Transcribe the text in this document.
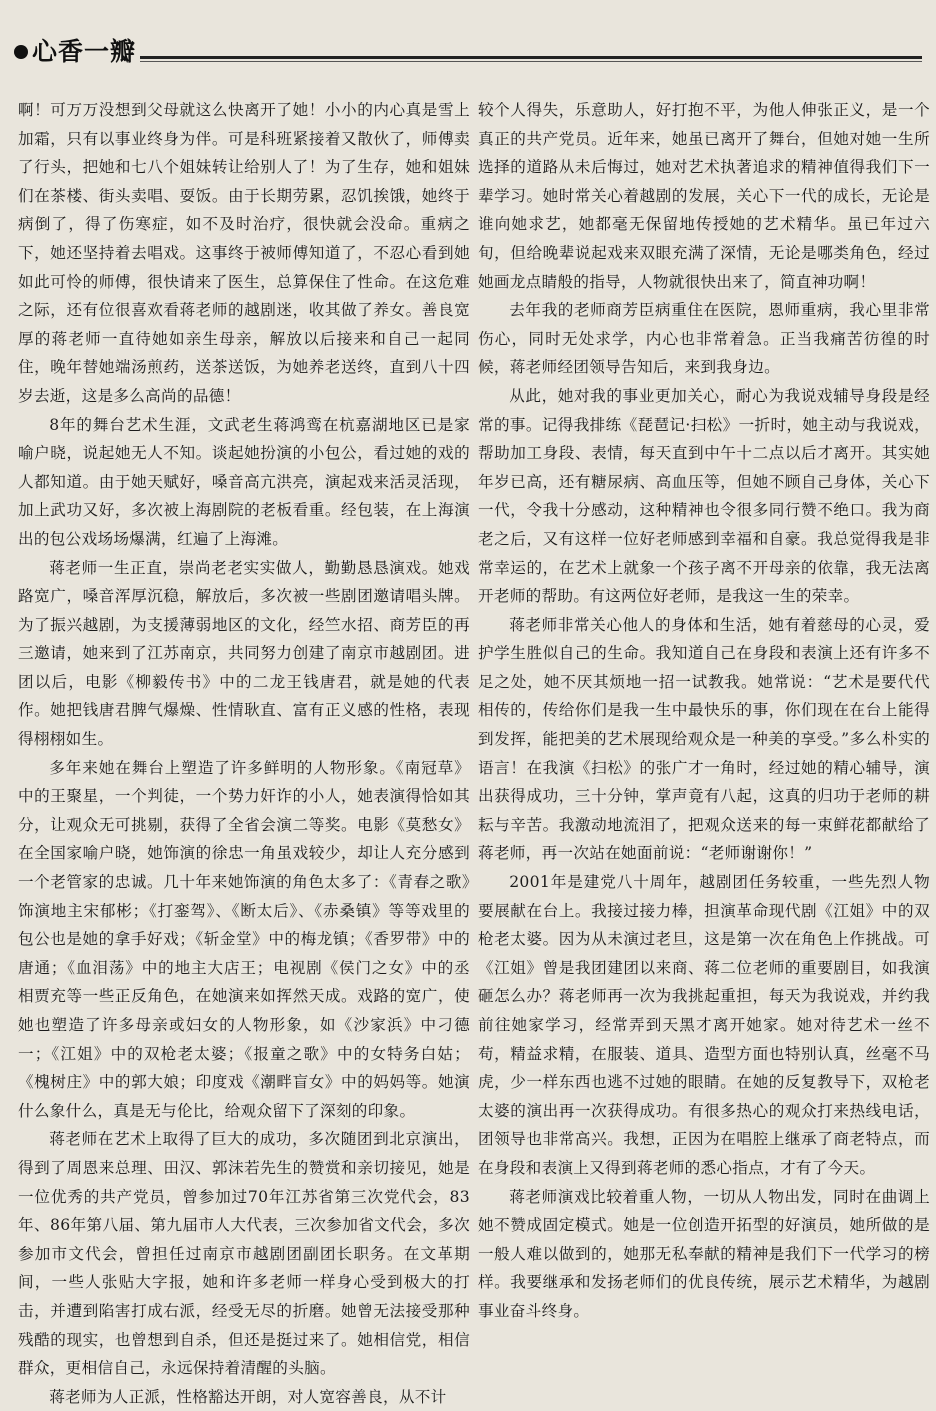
心香一瓣

啊！可万万没想到父母就这么快离开了她！小小的内心真是雪上加霜，只有以事业终身为伴。可是科班紧接着又散伙了，师傅卖了行头，把她和七八个姐妹转让给别人了！为了生存，她和姐妹们在茶楼、街头卖唱、耍饭。由于长期劳累，忍饥挨饿，她终于病倒了，得了伤寒症，如不及时治疗，很快就会没命。重病之下，她还坚持着去唱戏。这事终于被师傅知道了，不忍心看到她如此可怜的师傅，很快请来了医生，总算保住了性命。在这危难之际，还有位很喜欢看蒋老师的越剧迷，收其做了养女。善良宽厚的蒋老师一直待她如亲生母亲，解放以后接来和自己一起同住，晚年替她端汤煎药，送茶送饭，为她养老送终，直到八十四岁去逝，这是多么高尚的品德！

8年的舞台艺术生涯，文武老生蒋鸿鸾在杭嘉湖地区已是家喻户晓，说起她无人不知。谈起她扮演的小包公，看过她的戏的人都知道。由于她天赋好，嗓音高亢洪亮，演起戏来活灵活现，加上武功又好，多次被上海剧院的老板看重。经包装，在上海演出的包公戏场场爆满，红遍了上海滩。

蒋老师一生正直，崇尚老老实实做人，勤勤恳恳演戏。她戏路宽广，嗓音浑厚沉稳，解放后，多次被一些剧团邀请唱头牌。为了振兴越剧，为支援薄弱地区的文化，经竺水招、商芳臣的再三邀请，她来到了江苏南京，共同努力创建了南京市越剧团。进团以后，电影《柳毅传书》中的二龙王钱唐君，就是她的代表作。她把钱唐君脾气爆燥、性情耿直、富有正义感的性格，表现得栩栩如生。

多年来她在舞台上塑造了许多鲜明的人物形象。《南冠草》中的王聚星，一个判徒，一个势力奸诈的小人，她表演得恰如其分，让观众无可挑剔，获得了全省会演二等奖。电影《莫愁女》在全国家喻户晓，她饰演的徐忠一角虽戏较少，却让人充分感到一个老管家的忠诚。几十年来她饰演的角色太多了：《青春之歌》饰演地主宋郁彬；《打銮驾》、《断太后》、《赤桑镇》等等戏里的包公也是她的拿手好戏；《斩金堂》中的梅龙镇；《香罗带》中的唐通；《血泪荡》中的地主大店王；电视剧《侯门之女》中的丞相贾充等一些正反角色，在她演来如挥然天成。戏路的宽广，使她也塑造了许多母亲或妇女的人物形象，如《沙家浜》中刁德一；《江姐》中的双枪老太婆；《报童之歌》中的女特务白姑；《槐树庄》中的郭大娘；印度戏《潮畔盲女》中的妈妈等。她演什么象什么，真是无与伦比，给观众留下了深刻的印象。

蒋老师在艺术上取得了巨大的成功，多次随团到北京演出，得到了周恩来总理、田汉、郭沫若先生的赞赏和亲切接见，她是一位优秀的共产党员，曾参加过70年江苏省第三次党代会，83年、86年第八届、第九届市人大代表，三次参加省文代会，多次参加市文代会，曾担任过南京市越剧团副团长职务。在文革期间，一些人张贴大字报，她和许多老师一样身心受到极大的打击，并遭到陷害打成右派，经受无尽的折磨。她曾无法接受那种残酷的现实，也曾想到自杀，但还是挺过来了。她相信党，相信群众，更相信自己，永远保持着清醒的头脑。

蒋老师为人正派，性格豁达开朗，对人宽容善良，从不计

较个人得失，乐意助人，好打抱不平，为他人伸张正义，是一个真正的共产党员。近年来，她虽已离开了舞台，但她对她一生所选择的道路从未后悔过，她对艺术执著追求的精神值得我们下一辈学习。她时常关心着越剧的发展，关心下一代的成长，无论是谁向她求艺，她都毫无保留地传授她的艺术精华。虽已年过六旬，但给晚辈说起戏来双眼充满了深情，无论是哪类角色，经过她画龙点睛般的指导，人物就很快出来了，简直神功啊！

去年我的老师商芳臣病重住在医院，恩师重病，我心里非常伤心，同时无处求学，内心也非常着急。正当我痛苦彷徨的时候，蒋老师经团领导告知后，来到我身边。

从此，她对我的事业更加关心，耐心为我说戏辅导身段是经常的事。记得我排练《琵琶记·扫松》一折时，她主动与我说戏，帮助加工身段、表情，每天直到中午十二点以后才离开。其实她年岁已高，还有糖尿病、高血压等，但她不顾自己身体，关心下一代，令我十分感动，这种精神也令很多同行赞不绝口。我为商老之后，又有这样一位好老师感到幸福和自豪。我总觉得我是非常幸运的，在艺术上就象一个孩子离不开母亲的依靠，我无法离开老师的帮助。有这两位好老师，是我这一生的荣幸。

蒋老师非常关心他人的身体和生活，她有着慈母的心灵，爱护学生胜似自己的生命。我知道自己在身段和表演上还有许多不足之处，她不厌其烦地一招一试教我。她常说：“艺术是要代代相传的，传给你们是我一生中最快乐的事，你们现在在台上能得到发挥，能把美的艺术展现给观众是一种美的享受。”多么朴实的语言！在我演《扫松》的张广才一角时，经过她的精心辅导，演出获得成功，三十分钟，掌声竟有八起，这真的归功于老师的耕耘与辛苦。我激动地流泪了，把观众送来的每一束鲜花都献给了蒋老师，再一次站在她面前说：“老师谢谢你！”

2001年是建党八十周年，越剧团任务较重，一些先烈人物要展献在台上。我接过接力棒，担演革命现代剧《江姐》中的双枪老太婆。因为从未演过老旦，这是第一次在角色上作挑战。可《江姐》曾是我团建团以来商、蒋二位老师的重要剧目，如我演砸怎么办？蒋老师再一次为我挑起重担，每天为我说戏，并约我前往她家学习，经常弄到天黑才离开她家。她对待艺术一丝不苟，精益求精，在服装、道具、造型方面也特别认真，丝毫不马虎，少一样东西也逃不过她的眼睛。在她的反复教导下，双枪老太婆的演出再一次获得成功。有很多热心的观众打来热线电话，团领导也非常高兴。我想，正因为在唱腔上继承了商老特点，而在身段和表演上又得到蒋老师的悉心指点，才有了今天。

蒋老师演戏比较着重人物，一切从人物出发，同时在曲调上她不赞成固定模式。她是一位创造开拓型的好演员，她所做的是一般人难以做到的，她那无私奉献的精神是我们下一代学习的榜样。我要继承和发扬老师们的优良传统，展示艺术精华，为越剧事业奋斗终身。
